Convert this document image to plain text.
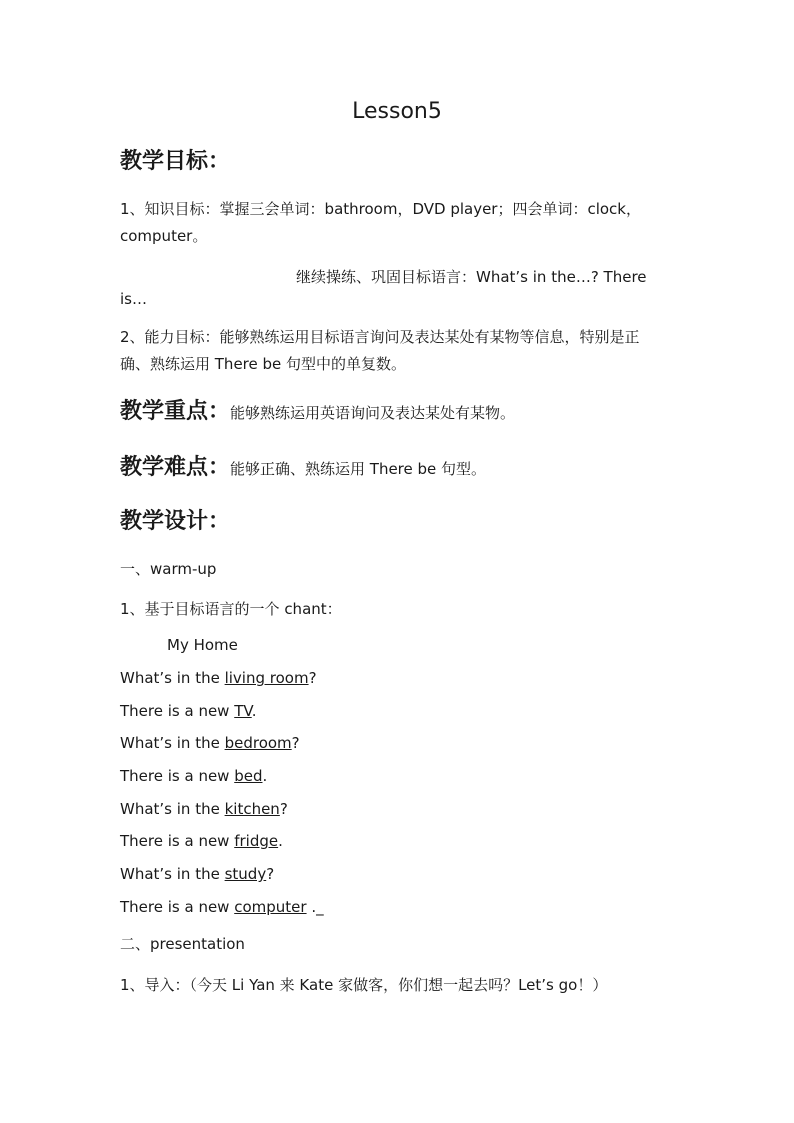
Lesson5
教学目标：
1、知识目标：掌握三会单词：bathroom，DVD player；四会单词：clock，
computer。
继续操练、巩固目标语言：What’s in the…? There
is…
2、能力目标：能够熟练运用目标语言询问及表达某处有某物等信息，特别是正
确、熟练运用 There be 句型中的单复数。
教学重点：能够熟练运用英语询问及表达某处有某物。
教学难点：能够正确、熟练运用 There be 句型。
教学设计：
一、warm-up
1、基于目标语言的一个 chant：
My Home
What’s in the living room?
There is a new TV.
What’s in the bedroom?
There is a new bed.
What’s in the kitchen?
There is a new fridge.
What’s in the study?
There is a new computer ._
二、presentation
1、导入：（今天 Li Yan 来 Kate 家做客，你们想一起去吗？Let’s go！）
